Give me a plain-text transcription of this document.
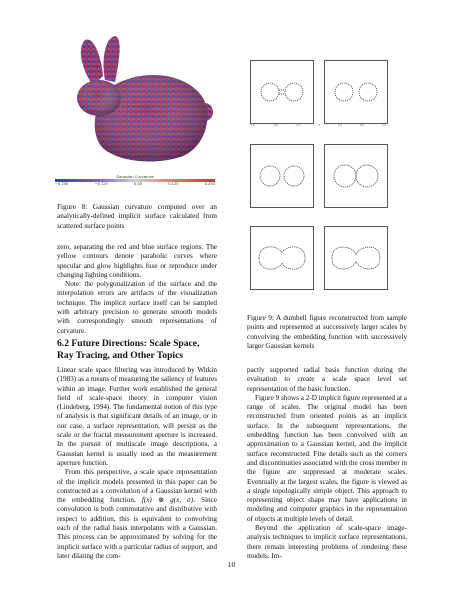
Gaussian Curvature
−0.250	−0.125	0.00	0.125	0.250
Figure 8: Gaussian curvature computed over an analytically-defined implicit surface calculated from scattered surface points
-1.0	-0.6	-0.2	0	0.2	0.6	1.0
Figure 9: A dumbell figure reconstructed from sample points and represented at successively larger scales by convolving the embedding function with successively larger Gaussian kernels

zero, separating the red and blue surface regions. The yellow contours denote parabolic curves where specular and glow highlights fuse or reproduce under changing lighting conditions.

Note: the polygonalization of the surface and the interpolation errors are artifacts of the visualization technique. The implicit surface itself can be sampled with arbitrary precision to generate smooth models with correspondingly smooth representations of curvature.

6.2 Future Directions: Scale Space, Ray Tracing, and Other Topics

Linear scale space filtering was introduced by Witkin (1983) as a means of measuring the saliency of features within an image. Further work established the general field of scale-space theory in computer vision (Lindeberg, 1994). The fundamental notion of this type of analysis is that significant details of an image, or in our case, a surface representation, will persist as the scale or the fractal measurement aperture is increased. In the pursuit of multiscale image descriptions, a Gaussian kernel is usually used as the measurement aperture function.

From this perspective, a scale space representation of the implicit models presented in this paper can be constructed as a convolution of a Gaussian kernel with the embedding function, f(x) ⊗ g(x, σ). Since convolution is both commutative and distributive with respect to addition, this is equivalent to convolving each of the radial basis interpolants with a Gaussian. This process can be approximated by solving for the implicit surface with a particular radius of support, and later dilating the com-

pactly supported radial basis function during the evaluation to create a scale space level set representation of the basic function.

Figure 9 shows a 2-D implicit figure represented at a range of scales. The original model has been reconstructed from oriented points as an implicit surface. In the subsequent representations, the embedding function has been convolved with an approximation to a Gaussian kernel, and the implicit surface reconstructed. Fine details such as the corners and discontinuities associated with the cross member in the figure are suppressed at moderate scales. Eventually at the largest scales, the figure is viewed as a single topologically simple object. This approach to representing object shape may have applications in modeling and computer graphics in the representation of objects at multiple levels of detail.

Beyond the application of scale-space image-analysis techniques to implicit surface representations, there remain interesting problems of rendering these models. Im-

10
